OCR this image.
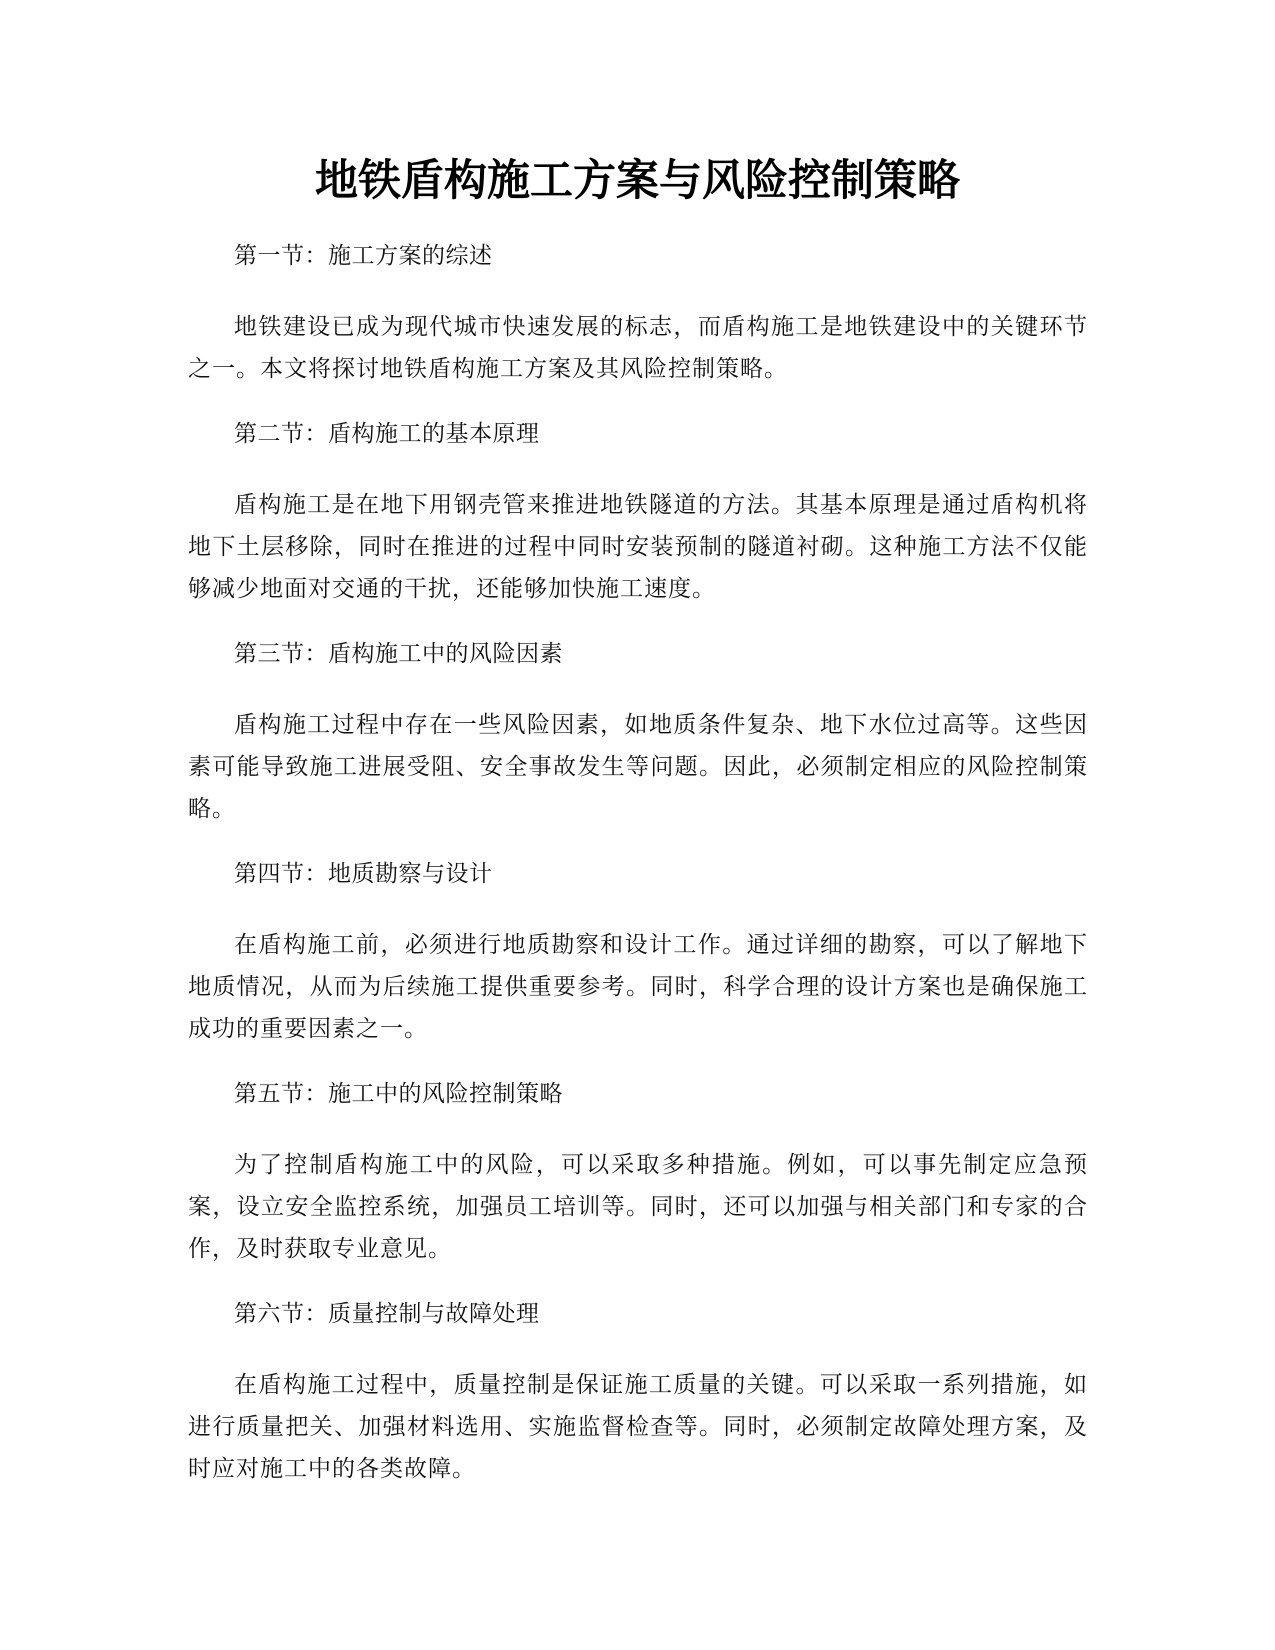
地铁盾构施工方案与风险控制策略

第一节：施工方案的综述

地铁建设已成为现代城市快速发展的标志，而盾构施工是地铁建设中的关键环节之一。本文将探讨地铁盾构施工方案及其风险控制策略。

第二节：盾构施工的基本原理

盾构施工是在地下用钢壳管来推进地铁隧道的方法。其基本原理是通过盾构机将地下土层移除，同时在推进的过程中同时安装预制的隧道衬砌。这种施工方法不仅能够减少地面对交通的干扰，还能够加快施工速度。

第三节：盾构施工中的风险因素

盾构施工过程中存在一些风险因素，如地质条件复杂、地下水位过高等。这些因素可能导致施工进展受阻、安全事故发生等问题。因此，必须制定相应的风险控制策略。

第四节：地质勘察与设计

在盾构施工前，必须进行地质勘察和设计工作。通过详细的勘察，可以了解地下地质情况，从而为后续施工提供重要参考。同时，科学合理的设计方案也是确保施工成功的重要因素之一。

第五节：施工中的风险控制策略

为了控制盾构施工中的风险，可以采取多种措施。例如，可以事先制定应急预案，设立安全监控系统，加强员工培训等。同时，还可以加强与相关部门和专家的合作，及时获取专业意见。

第六节：质量控制与故障处理

在盾构施工过程中，质量控制是保证施工质量的关键。可以采取一系列措施，如进行质量把关、加强材料选用、实施监督检查等。同时，必须制定故障处理方案，及时应对施工中的各类故障。
